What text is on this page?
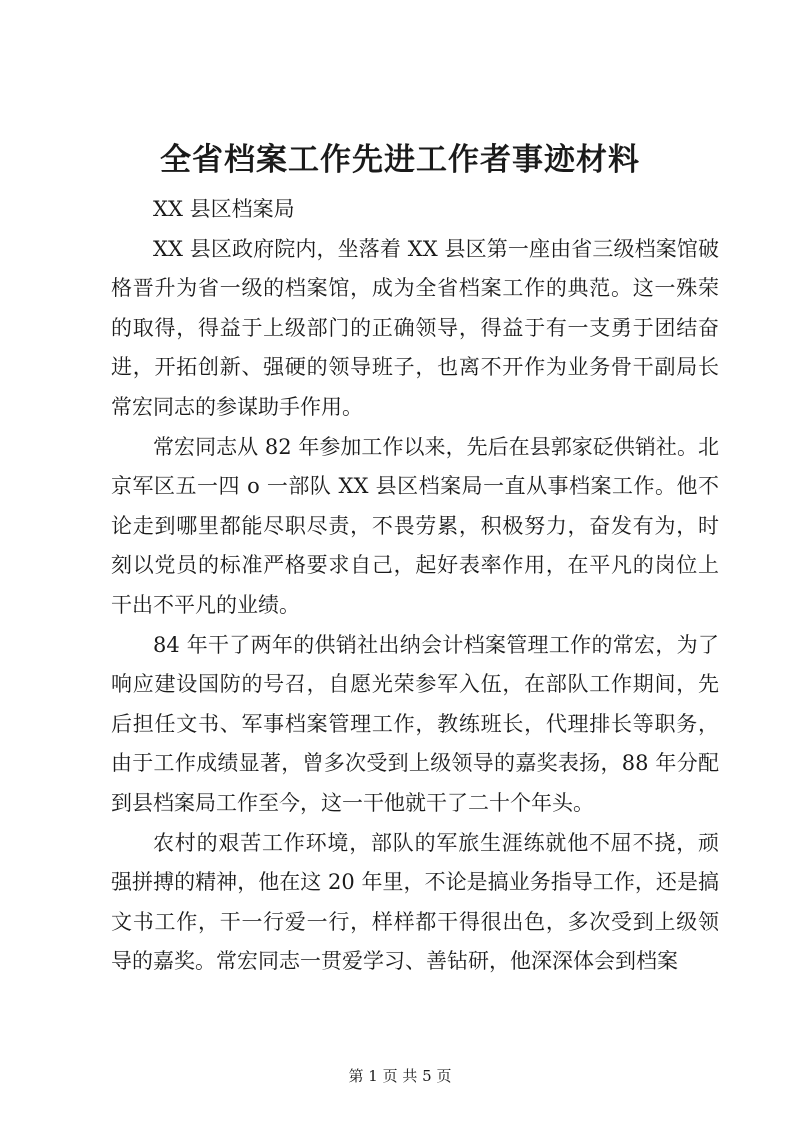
全省档案工作先进工作者事迹材料

XX 县区档案局

XX 县区政府院内，坐落着 XX 县区第一座由省三级档案馆破格晋升为省一级的档案馆，成为全省档案工作的典范。这一殊荣的取得，得益于上级部门的正确领导，得益于有一支勇于团结奋进，开拓创新、强硬的领导班子，也离不开作为业务骨干副局长常宏同志的参谋助手作用。

常宏同志从 82 年参加工作以来，先后在县郭家砭供销社。北京军区五一四 o 一部队 XX 县区档案局一直从事档案工作。他不论走到哪里都能尽职尽责，不畏劳累，积极努力，奋发有为，时刻以党员的标准严格要求自己，起好表率作用，在平凡的岗位上干出不平凡的业绩。

84 年干了两年的供销社出纳会计档案管理工作的常宏，为了响应建设国防的号召，自愿光荣参军入伍，在部队工作期间，先后担任文书、军事档案管理工作，教练班长，代理排长等职务，由于工作成绩显著，曾多次受到上级领导的嘉奖表扬，88 年分配到县档案局工作至今，这一干他就干了二十个年头。

农村的艰苦工作环境，部队的军旅生涯练就他不屈不挠，顽强拼搏的精神，他在这 20 年里，不论是搞业务指导工作，还是搞文书工作，干一行爱一行，样样都干得很出色，多次受到上级领导的嘉奖。常宏同志一贯爱学习、善钻研，他深深体会到档案

第 1 页 共 5 页
